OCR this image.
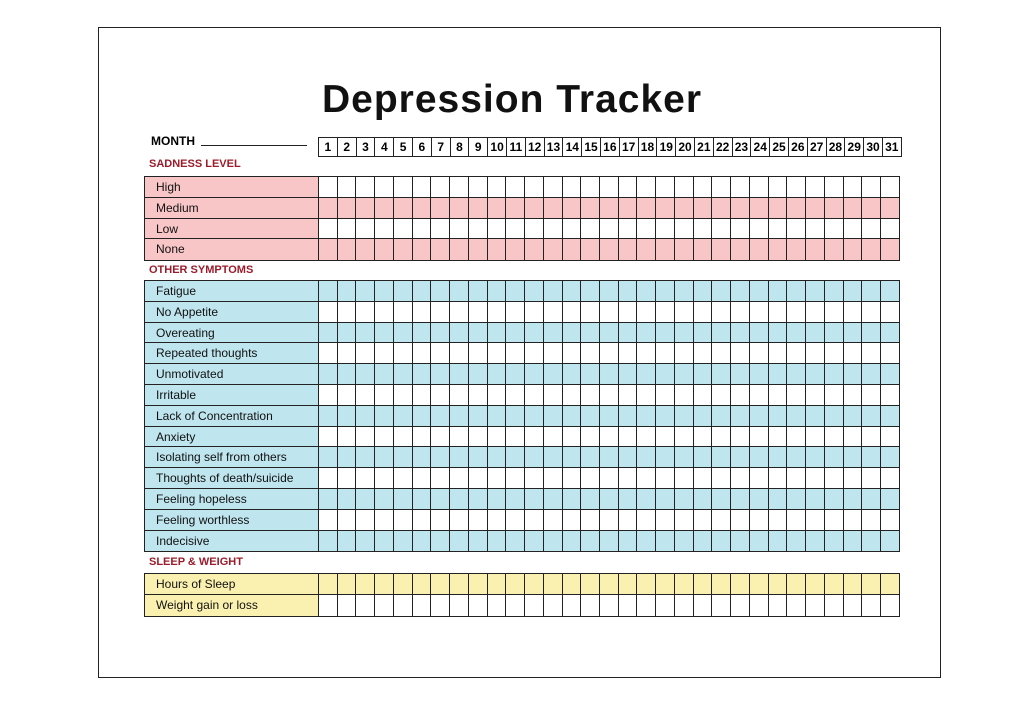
Depression Tracker
MONTH	1	2	3	4	5	6	7	8	9 10 11 12 13 14 15 16 17 18 19 20 21 22 23 24 25 26 27 28 29 30 31
SADNESS LEVEL
High
Medium
Low
None
OTHER SYMPTOMS
Fatigue
No Appetite
Overeating
Repeated thoughts
Unmotivated
Irritable
Lack of Concentration
Anxiety
Isolating self from others
Thoughts of death/suicide
Feeling hopeless
Feeling worthless
Indecisive
SLEEP & WEIGHT
Hours of Sleep
Weight gain or loss
